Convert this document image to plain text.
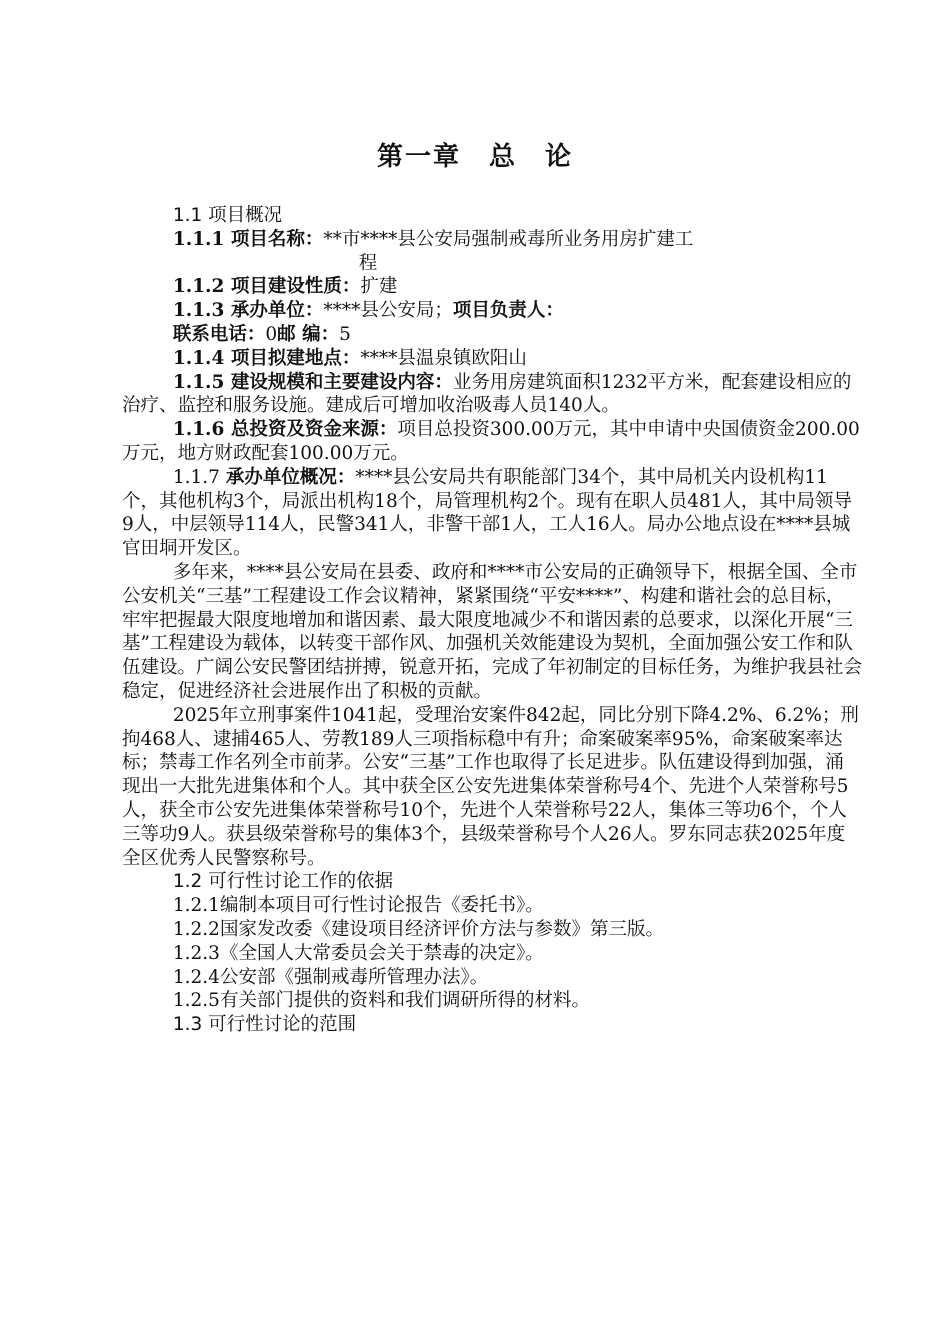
第一章　总　论

1.1 项目概况

1.1.1 项目名称：**市****县公安局强制戒毒所业务用房扩建工

程

1.1.2 项目建设性质：扩建

1.1.3 承办单位：****县公安局；项目负责人：

联系电话：0邮 编：5

1.1.4 项目拟建地点：****县温泉镇欧阳山

1.1.5 建设规模和主要建设内容：业务用房建筑面积1232平方米，配套建设相应的治疗、监控和服务设施。建成后可增加收治吸毒人员140人。

1.1.6 总投资及资金来源：项目总投资300.00万元，其中申请中央国债资金200.00万元，地方财政配套100.00万元。

1.1.7 承办单位概况：****县公安局共有职能部门34个，其中局机关内设机构11个，其他机构3个，局派出机构18个，局管理机构2个。现有在职人员481人，其中局领导9人，中层领导114人，民警341人，非警干部1人，工人16人。局办公地点设在****县城官田垌开发区。

多年来，****县公安局在县委、政府和****市公安局的正确领导下，根据全国、全市公安机关“三基”工程建设工作会议精神，紧紧围绕“平安****”、构建和谐社会的总目标，牢牢把握最大限度地增加和谐因素、最大限度地减少不和谐因素的总要求，以深化开展“三基”工程建设为载体，以转变干部作风、加强机关效能建设为契机，全面加强公安工作和队伍建设。广阔公安民警团结拼搏，锐意开拓，完成了年初制定的目标任务，为维护我县社会稳定，促进经济社会进展作出了积极的贡献。

2025年立刑事案件1041起，受理治安案件842起，同比分别下降4.2%、6.2%；刑拘468人、逮捕465人、劳教189人三项指标稳中有升；命案破案率95%，命案破案率达标；禁毒工作名列全市前茅。公安“三基”工作也取得了长足进步。队伍建设得到加强，涌现出一大批先进集体和个人。其中获全区公安先进集体荣誉称号4个、先进个人荣誉称号5人，获全市公安先进集体荣誉称号10个，先进个人荣誉称号22人，集体三等功6个，个人三等功9人。获县级荣誉称号的集体3个，县级荣誉称号个人26人。罗东同志获2025年度全区优秀人民警察称号。

1.2 可行性讨论工作的依据

1.2.1编制本项目可行性讨论报告《委托书》。

1.2.2国家发改委《建设项目经济评价方法与参数》第三版。

1.2.3《全国人大常委员会关于禁毒的决定》。

1.2.4公安部《强制戒毒所管理办法》。

1.2.5有关部门提供的资料和我们调研所得的材料。

1.3 可行性讨论的范围
